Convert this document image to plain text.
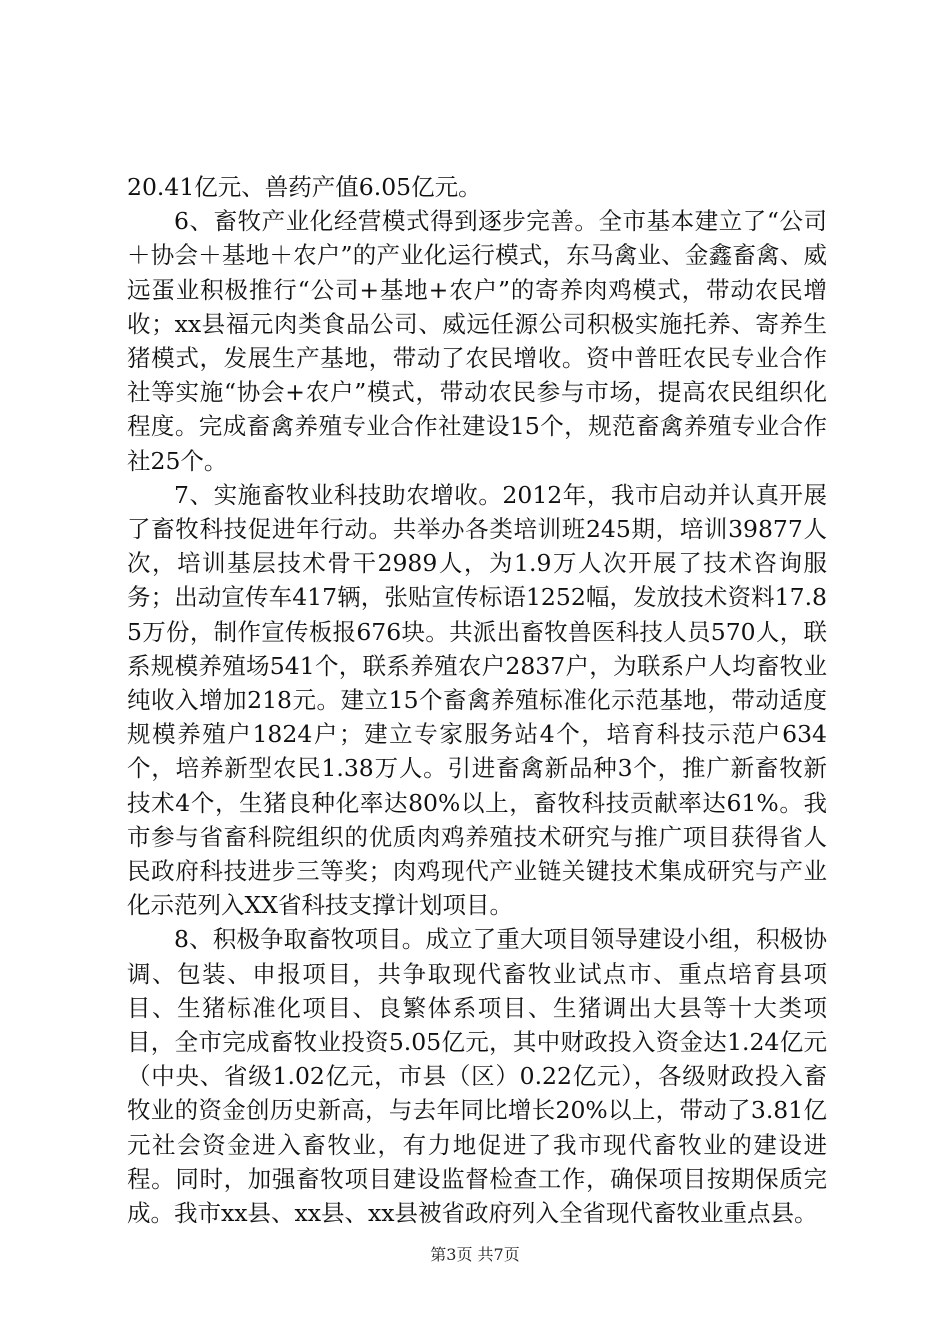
20.41亿元、兽药产值6.05亿元。

6、畜牧产业化经营模式得到逐步完善。全市基本建立了“公司＋协会＋基地＋农户”的产业化运行模式，东马禽业、金鑫畜禽、威远蛋业积极推行“公司+基地+农户”的寄养肉鸡模式，带动农民增收；xx县福元肉类食品公司、威远任源公司积极实施托养、寄养生猪模式，发展生产基地，带动了农民增收。资中普旺农民专业合作社等实施“协会+农户”模式，带动农民参与市场，提高农民组织化程度。完成畜禽养殖专业合作社建设15个，规范畜禽养殖专业合作社25个。

7、实施畜牧业科技助农增收。2012年，我市启动并认真开展了畜牧科技促进年行动。共举办各类培训班245期，培训39877人次，培训基层技术骨干2989人，为1.9万人次开展了技术咨询服务；出动宣传车417辆，张贴宣传标语1252幅，发放技术资料17.85万份，制作宣传板报676块。共派出畜牧兽医科技人员570人，联系规模养殖场541个，联系养殖农户2837户，为联系户人均畜牧业纯收入增加218元。建立15个畜禽养殖标准化示范基地，带动适度规模养殖户1824户；建立专家服务站4个，培育科技示范户634个，培养新型农民1.38万人。引进畜禽新品种3个，推广新畜牧新技术4个，生猪良种化率达80%以上，畜牧科技贡献率达61%。我市参与省畜科院组织的优质肉鸡养殖技术研究与推广项目获得省人民政府科技进步三等奖；肉鸡现代产业链关键技术集成研究与产业化示范列入XX省科技支撑计划项目。

8、积极争取畜牧项目。成立了重大项目领导建设小组，积极协调、包装、申报项目，共争取现代畜牧业试点市、重点培育县项目、生猪标准化项目、良繁体系项目、生猪调出大县等十大类项目，全市完成畜牧业投资5.05亿元，其中财政投入资金达1.24亿元（中央、省级1.02亿元，市县（区）0.22亿元），各级财政投入畜牧业的资金创历史新高，与去年同比增长20%以上，带动了3.81亿元社会资金进入畜牧业，有力地促进了我市现代畜牧业的建设进程。同时，加强畜牧项目建设监督检查工作，确保项目按期保质完成。我市xx县、xx县、xx县被省政府列入全省现代畜牧业重点县。

第3页 共7页
